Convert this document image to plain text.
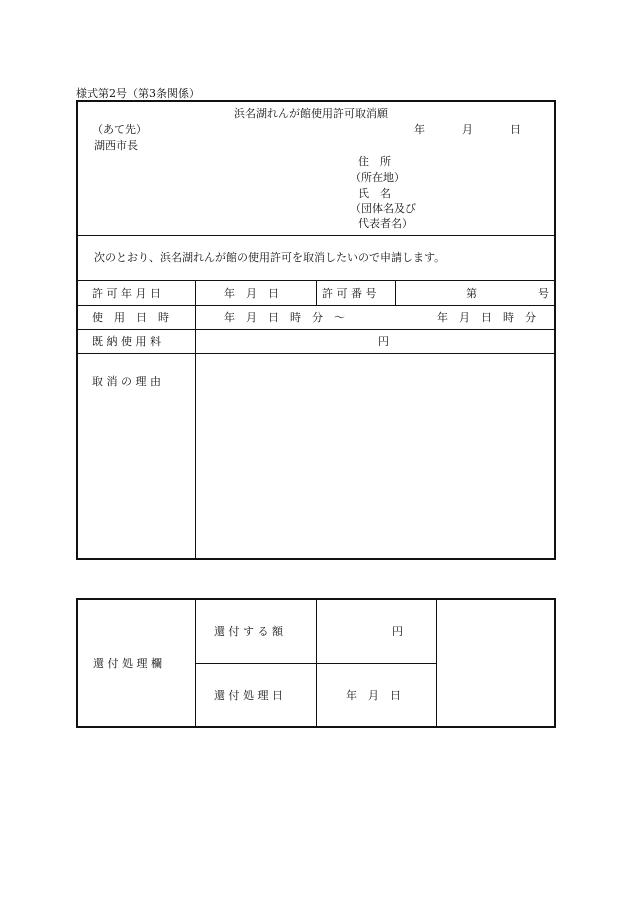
様式第2号（第3条関係）
浜名湖れんが館使用許可取消願
（あて先）
湖西市長
年	月	日
住　所
（所在地）
氏　名
（団体名及び
代表者名）
次のとおり、浜名湖れんが館の使用許可を取消したいので申請します。
許 可 年 月 日	年　月　日	許 可 番 号	第	号
使　用　日　時	年　月　日　時　分　～	年　月　日　時　分
既 納 使 用 料	円
取 消 の 理 由
還 付 処 理 欄
還 付 す る 額	円
還 付 処 理 日	年　月　日
